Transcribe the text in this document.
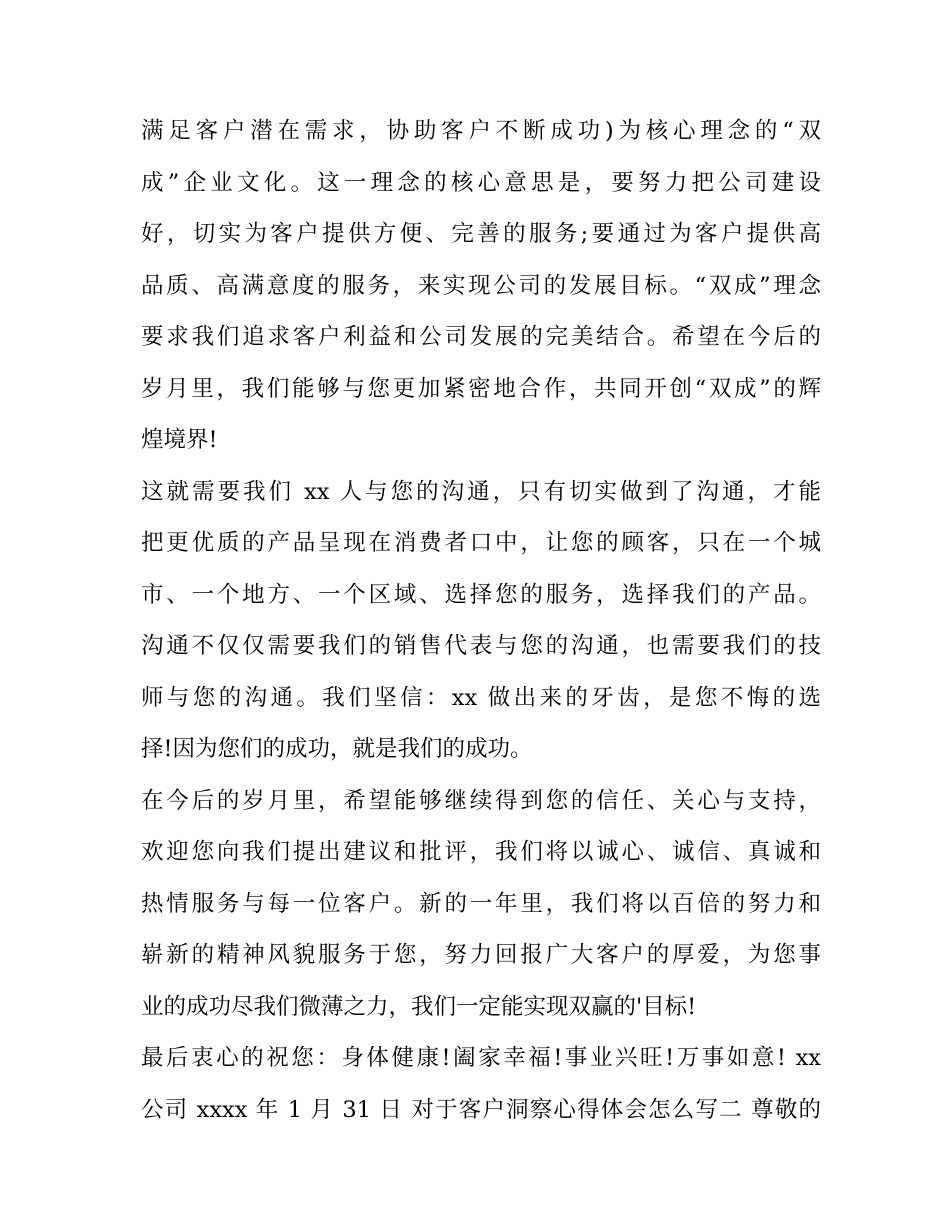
满足客户潜在需求，协助客户不断成功)为核心理念的“双
成”企业文化。这一理念的核心意思是，要努力把公司建设
好，切实为客户提供方便、完善的服务;要通过为客户提供高
品质、高满意度的服务，来实现公司的发展目标。“双成”理念
要求我们追求客户利益和公司发展的完美结合。希望在今后的
岁月里，我们能够与您更加紧密地合作，共同开创“双成”的辉
煌境界!
这就需要我们 xx 人与您的沟通，只有切实做到了沟通，才能
把更优质的产品呈现在消费者口中，让您的顾客，只在一个城
市、一个地方、一个区域、选择您的服务，选择我们的产品。
沟通不仅仅需要我们的销售代表与您的沟通，也需要我们的技
师与您的沟通。我们坚信：xx 做出来的牙齿，是您不悔的选
择!因为您们的成功，就是我们的成功。
在今后的岁月里，希望能够继续得到您的信任、关心与支持，
欢迎您向我们提出建议和批评，我们将以诚心、诚信、真诚和
热情服务与每一位客户。新的一年里，我们将以百倍的努力和
崭新的精神风貌服务于您，努力回报广大客户的厚爱，为您事
业的成功尽我们微薄之力，我们一定能实现双赢的'目标!
最后衷心的祝您：身体健康!阖家幸福!事业兴旺!万事如意! xx
公司 xxxx 年 1 月 31 日 对于客户洞察心得体会怎么写二 尊敬的
